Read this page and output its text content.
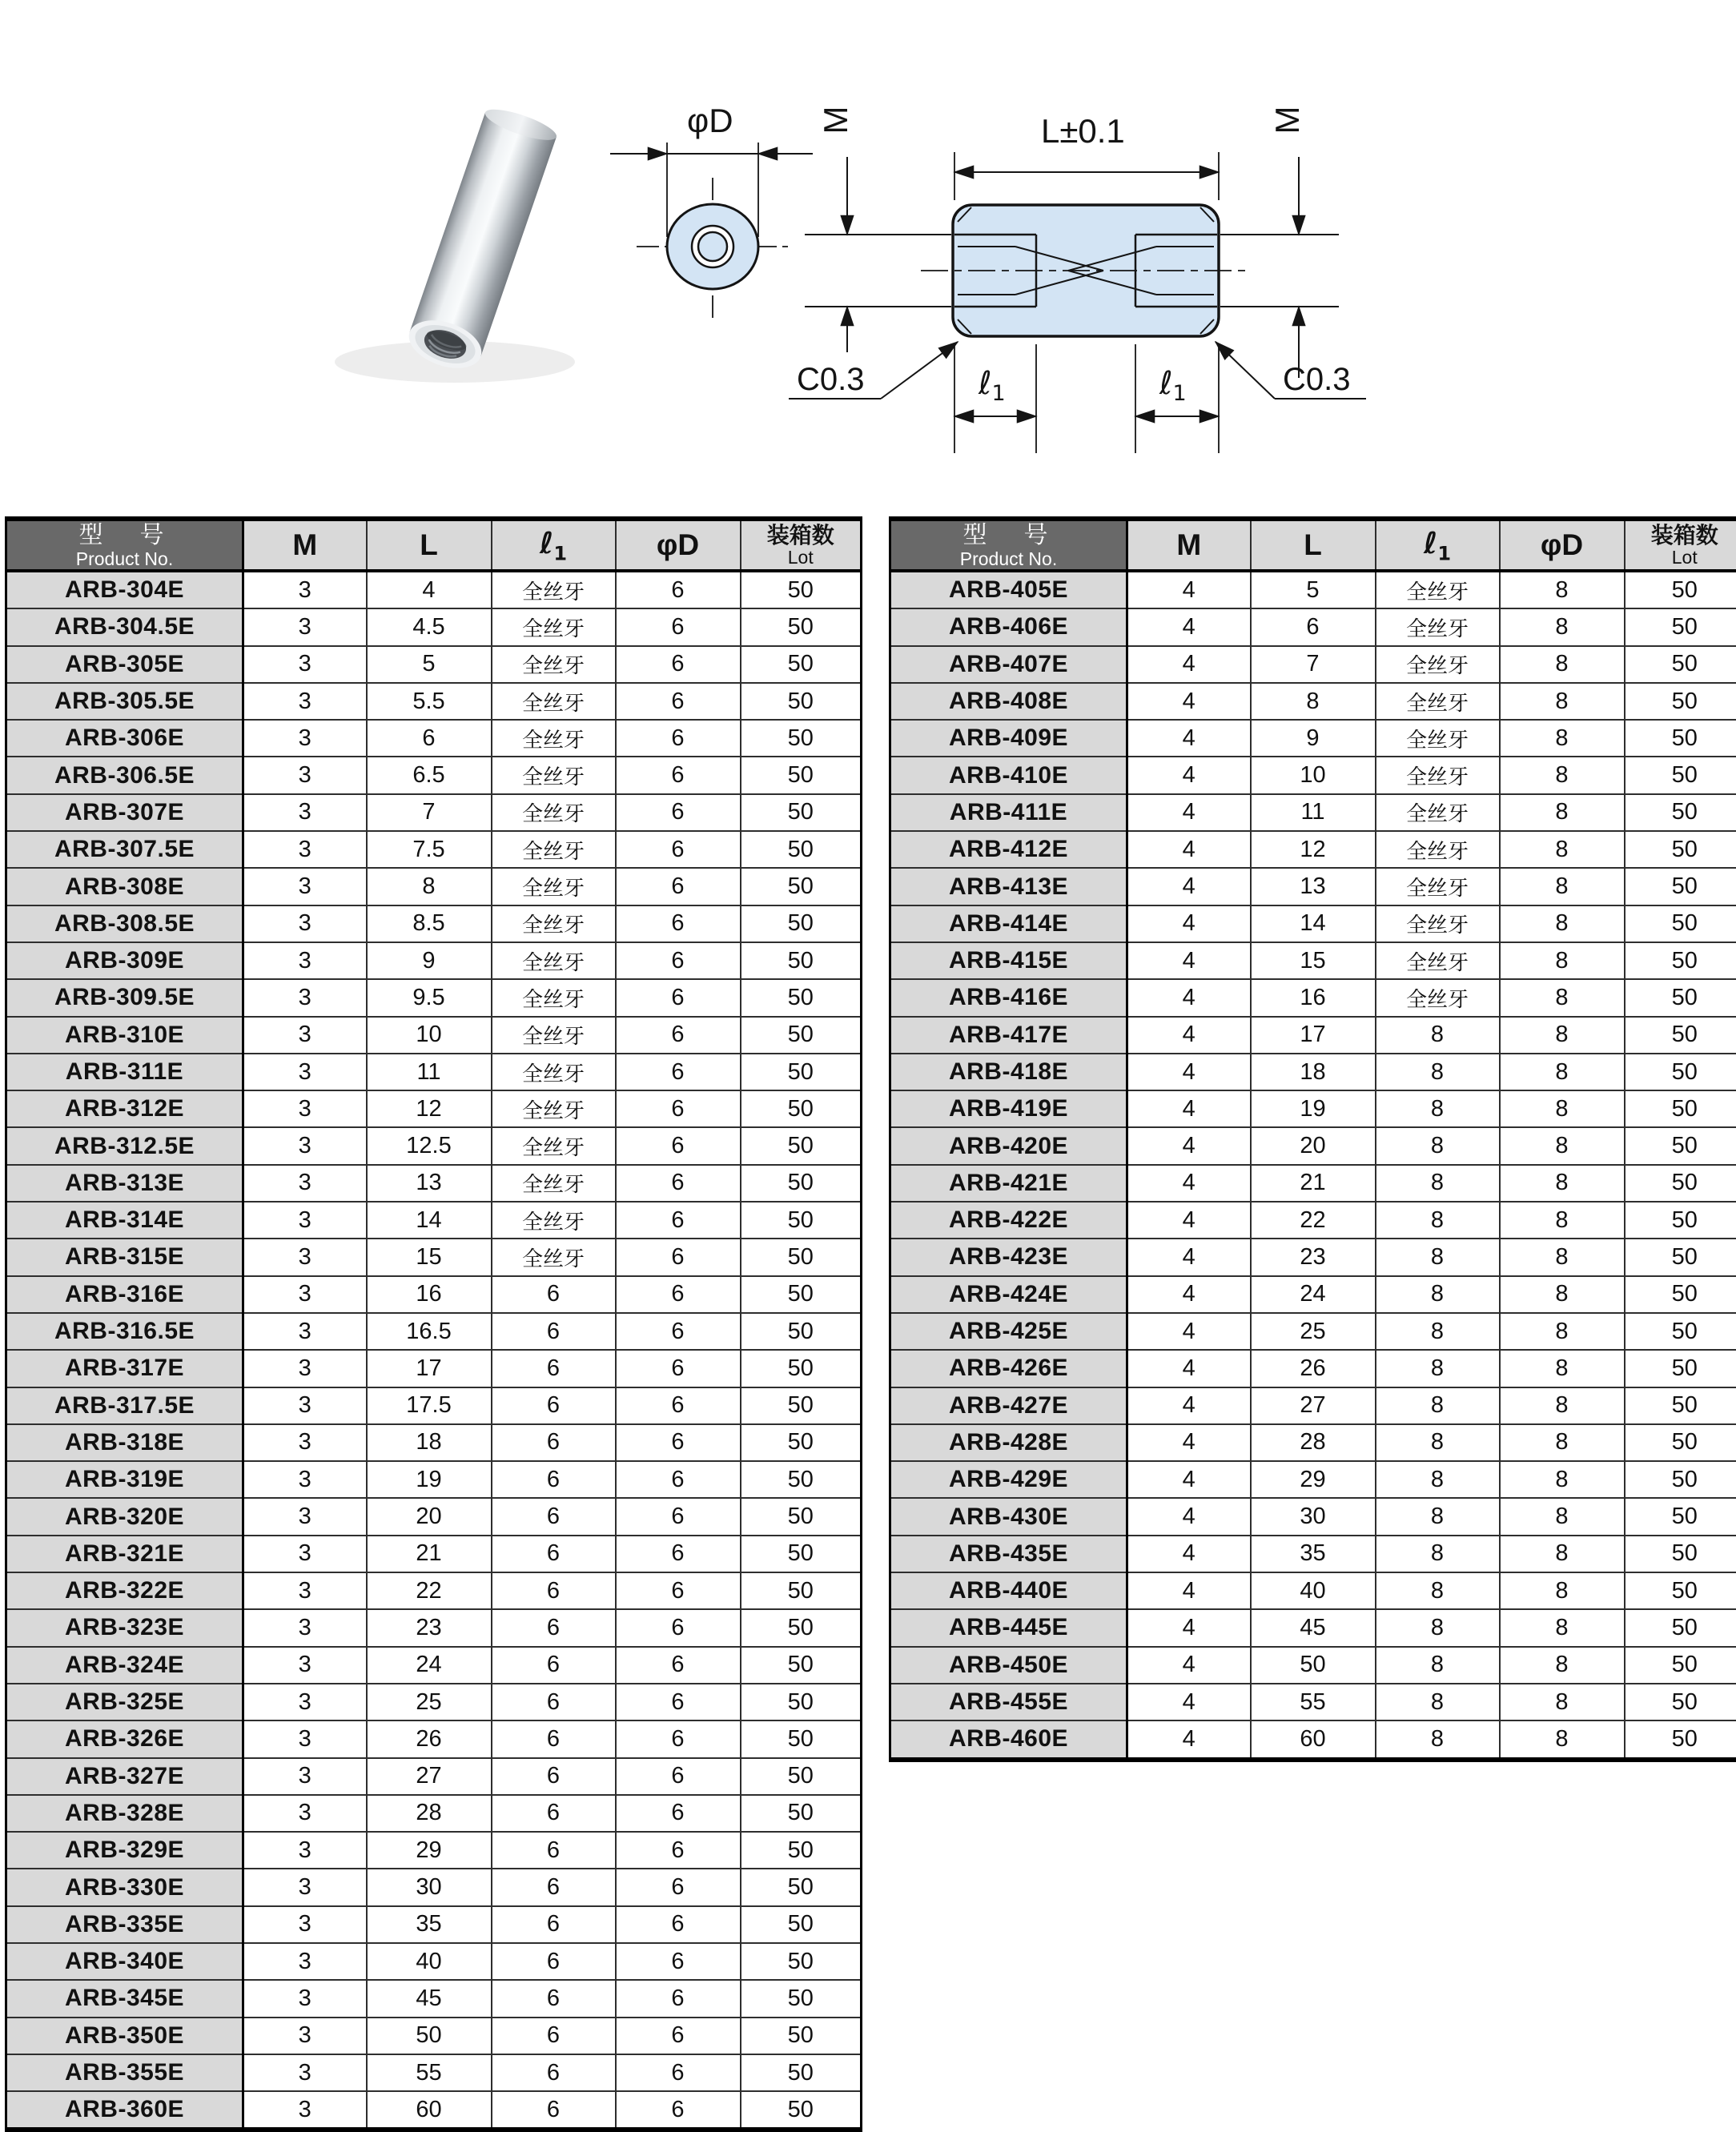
φD	L±0.1
M	M
ℓ$_1$	ℓ$_1$
C0.3	C0.3
型　号
Product No.	M	L	ℓ$_1$	φD	装箱数
Lot

ARB-304E	3	4	全丝牙	6	50
ARB-304.5E	3	4.5	全丝牙	6	50
ARB-305E	3	5	全丝牙	6	50
ARB-305.5E	3	5.5	全丝牙	6	50
ARB-306E	3	6	全丝牙	6	50
ARB-306.5E	3	6.5	全丝牙	6	50
ARB-307E	3	7	全丝牙	6	50
ARB-307.5E	3	7.5	全丝牙	6	50
ARB-308E	3	8	全丝牙	6	50
ARB-308.5E	3	8.5	全丝牙	6	50
ARB-309E	3	9	全丝牙	6	50
ARB-309.5E	3	9.5	全丝牙	6	50
ARB-310E	3	10	全丝牙	6	50
ARB-311E	3	11	全丝牙	6	50
ARB-312E	3	12	全丝牙	6	50
ARB-312.5E	3	12.5	全丝牙	6	50
ARB-313E	3	13	全丝牙	6	50
ARB-314E	3	14	全丝牙	6	50
ARB-315E	3	15	全丝牙	6	50
ARB-316E	3	16	6	6	50
ARB-316.5E	3	16.5	6	6	50
ARB-317E	3	17	6	6	50
ARB-317.5E	3	17.5	6	6	50
ARB-318E	3	18	6	6	50
ARB-319E	3	19	6	6	50
ARB-320E	3	20	6	6	50
ARB-321E	3	21	6	6	50
ARB-322E	3	22	6	6	50
ARB-323E	3	23	6	6	50
ARB-324E	3	24	6	6	50
ARB-325E	3	25	6	6	50
ARB-326E	3	26	6	6	50
ARB-327E	3	27	6	6	50
ARB-328E	3	28	6	6	50
ARB-329E	3	29	6	6	50
ARB-330E	3	30	6	6	50
ARB-335E	3	35	6	6	50
ARB-340E	3	40	6	6	50
ARB-345E	3	45	6	6	50
ARB-350E	3	50	6	6	50
ARB-355E	3	55	6	6	50
ARB-360E	3	60	6	6	50
型　号
Product No.	M	L	ℓ$_1$	φD	装箱数
Lot

ARB-405E	4	5	全丝牙	8	50
ARB-406E	4	6	全丝牙	8	50
ARB-407E	4	7	全丝牙	8	50
ARB-408E	4	8	全丝牙	8	50
ARB-409E	4	9	全丝牙	8	50
ARB-410E	4	10	全丝牙	8	50
ARB-411E	4	11	全丝牙	8	50
ARB-412E	4	12	全丝牙	8	50
ARB-413E	4	13	全丝牙	8	50
ARB-414E	4	14	全丝牙	8	50
ARB-415E	4	15	全丝牙	8	50
ARB-416E	4	16	全丝牙	8	50
ARB-417E	4	17	8	8	50
ARB-418E	4	18	8	8	50
ARB-419E	4	19	8	8	50
ARB-420E	4	20	8	8	50
ARB-421E	4	21	8	8	50
ARB-422E	4	22	8	8	50
ARB-423E	4	23	8	8	50
ARB-424E	4	24	8	8	50
ARB-425E	4	25	8	8	50
ARB-426E	4	26	8	8	50
ARB-427E	4	27	8	8	50
ARB-428E	4	28	8	8	50
ARB-429E	4	29	8	8	50
ARB-430E	4	30	8	8	50
ARB-435E	4	35	8	8	50
ARB-440E	4	40	8	8	50
ARB-445E	4	45	8	8	50
ARB-450E	4	50	8	8	50
ARB-455E	4	55	8	8	50
ARB-460E	4	60	8	8	50
